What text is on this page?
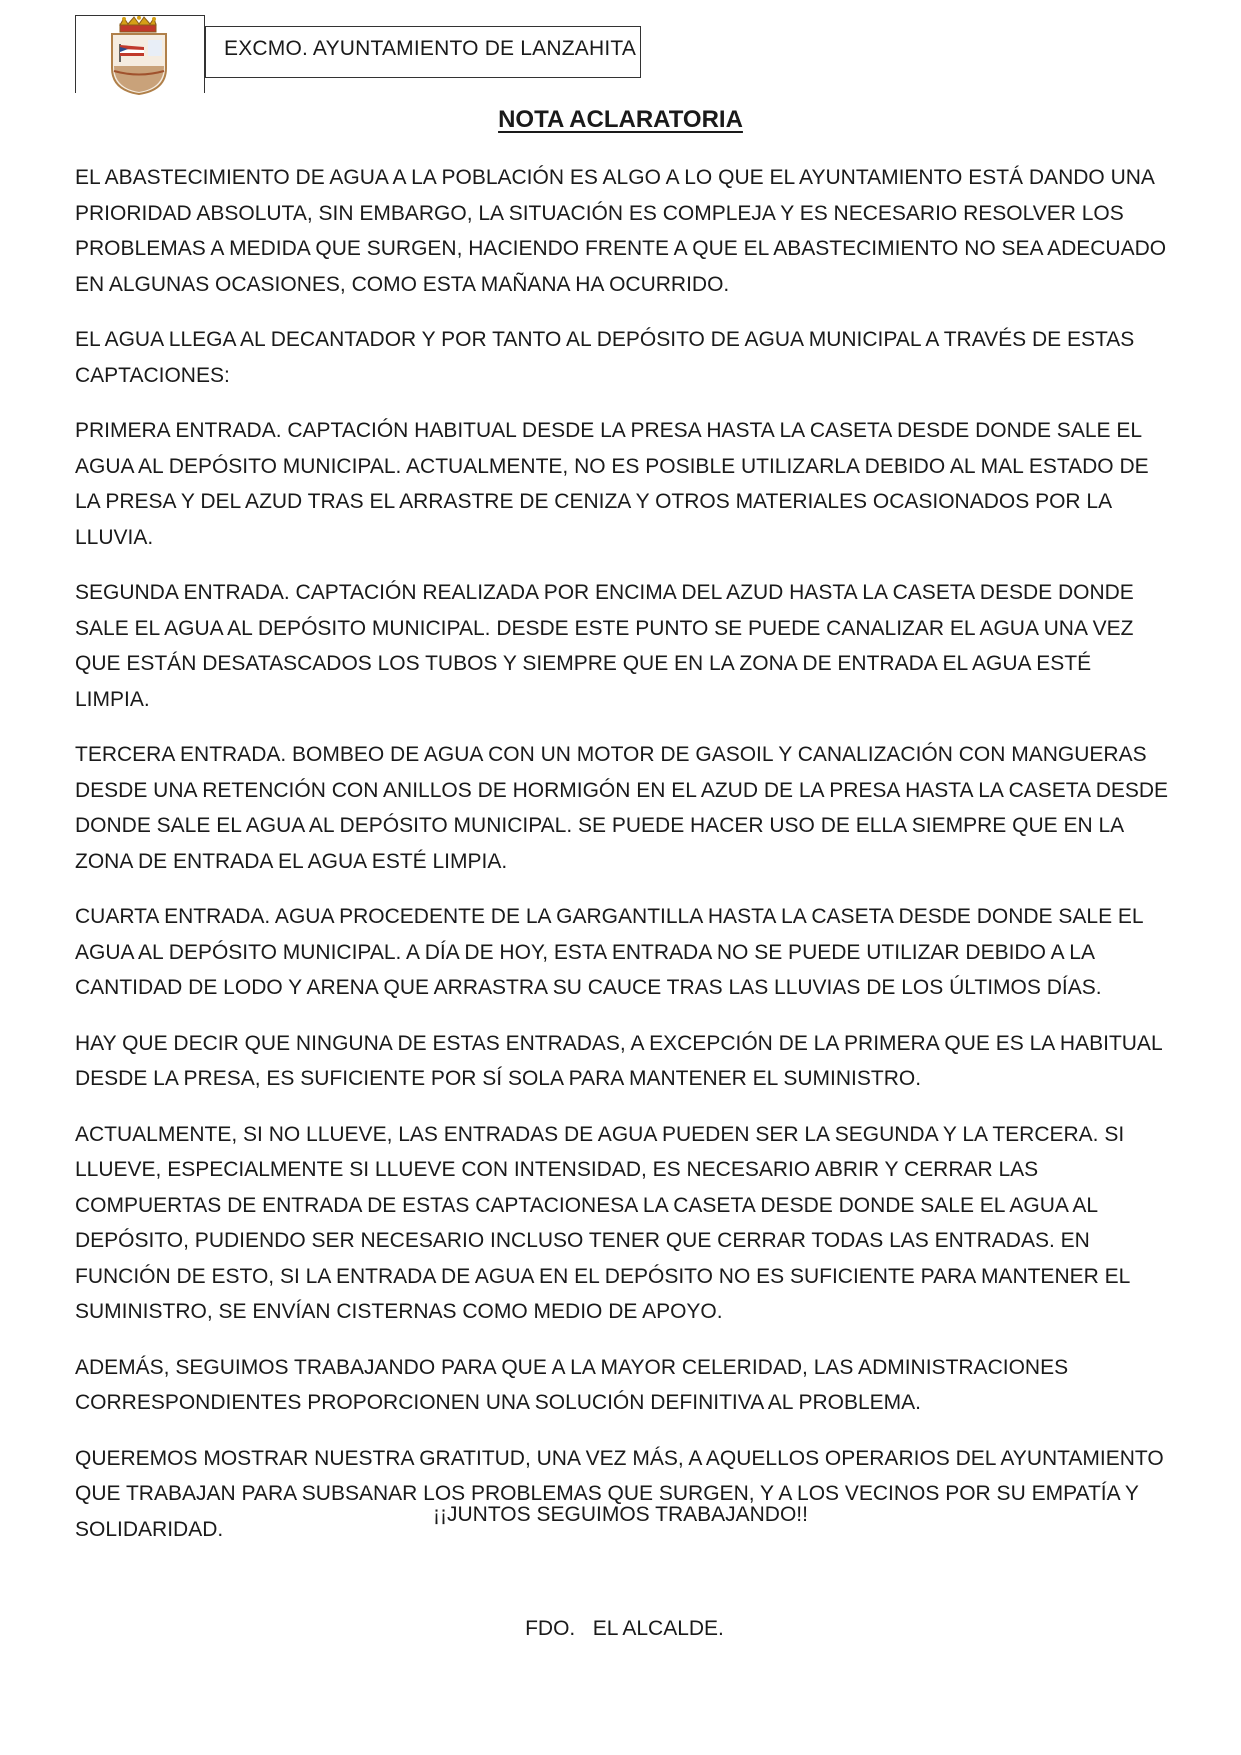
EXCMO. AYUNTAMIENTO DE LANZAHITA
NOTA ACLARATORIA

EL ABASTECIMIENTO DE AGUA A LA POBLACIÓN ES ALGO A LO QUE EL AYUNTAMIENTO ESTÁ DANDO UNA PRIORIDAD ABSOLUTA, SIN EMBARGO, LA SITUACIÓN ES COMPLEJA Y ES NECESARIO RESOLVER LOS PROBLEMAS A MEDIDA QUE SURGEN, HACIENDO FRENTE A QUE EL ABASTECIMIENTO NO SEA ADECUADO EN ALGUNAS OCASIONES, COMO ESTA MAÑANA HA OCURRIDO.

EL AGUA LLEGA AL DECANTADOR Y POR TANTO AL DEPÓSITO DE AGUA MUNICIPAL A TRAVÉS DE ESTAS CAPTACIONES:

PRIMERA ENTRADA. CAPTACIÓN HABITUAL DESDE LA PRESA HASTA LA CASETA DESDE DONDE SALE EL AGUA AL DEPÓSITO MUNICIPAL. ACTUALMENTE, NO ES POSIBLE UTILIZARLA DEBIDO AL MAL ESTADO DE LA PRESA Y DEL AZUD TRAS EL ARRASTRE DE CENIZA Y OTROS MATERIALES OCASIONADOS POR LA LLUVIA.

SEGUNDA ENTRADA. CAPTACIÓN REALIZADA POR ENCIMA DEL AZUD HASTA LA CASETA DESDE DONDE SALE EL AGUA AL DEPÓSITO MUNICIPAL. DESDE ESTE PUNTO SE PUEDE CANALIZAR EL AGUA UNA VEZ QUE ESTÁN DESATASCADOS LOS TUBOS Y SIEMPRE QUE EN LA ZONA DE ENTRADA EL AGUA ESTÉ LIMPIA.

TERCERA ENTRADA. BOMBEO DE AGUA CON UN MOTOR DE GASOIL Y CANALIZACIÓN CON MANGUERAS DESDE UNA RETENCIÓN CON ANILLOS DE HORMIGÓN EN EL AZUD DE LA PRESA HASTA LA CASETA DESDE DONDE SALE EL AGUA AL DEPÓSITO MUNICIPAL. SE PUEDE HACER USO DE ELLA SIEMPRE QUE EN LA ZONA DE ENTRADA EL AGUA ESTÉ LIMPIA.

CUARTA ENTRADA. AGUA PROCEDENTE DE LA GARGANTILLA HASTA LA CASETA DESDE DONDE SALE EL AGUA AL DEPÓSITO MUNICIPAL. A DÍA DE HOY, ESTA ENTRADA NO SE PUEDE UTILIZAR DEBIDO A LA CANTIDAD DE LODO Y ARENA QUE ARRASTRA SU CAUCE TRAS LAS LLUVIAS DE LOS ÚLTIMOS DÍAS.

HAY QUE DECIR QUE NINGUNA DE ESTAS ENTRADAS, A EXCEPCIÓN DE LA PRIMERA QUE ES LA HABITUAL DESDE LA PRESA, ES SUFICIENTE POR SÍ SOLA PARA MANTENER EL SUMINISTRO.

ACTUALMENTE, SI NO LLUEVE, LAS ENTRADAS DE AGUA PUEDEN SER LA SEGUNDA Y LA TERCERA. SI LLUEVE, ESPECIALMENTE SI LLUEVE CON INTENSIDAD, ES NECESARIO ABRIR Y CERRAR LAS COMPUERTAS DE ENTRADA DE ESTAS CAPTACIONESA LA CASETA DESDE DONDE SALE EL AGUA AL DEPÓSITO, PUDIENDO SER NECESARIO INCLUSO TENER QUE CERRAR TODAS LAS ENTRADAS. EN FUNCIÓN DE ESTO, SI LA ENTRADA DE AGUA EN EL DEPÓSITO NO ES SUFICIENTE PARA MANTENER EL SUMINISTRO, SE ENVÍAN CISTERNAS COMO MEDIO DE APOYO.

ADEMÁS, SEGUIMOS TRABAJANDO PARA QUE A LA MAYOR CELERIDAD, LAS ADMINISTRACIONES CORRESPONDIENTES PROPORCIONEN UNA SOLUCIÓN DEFINITIVA AL PROBLEMA.

QUEREMOS MOSTRAR NUESTRA GRATITUD, UNA VEZ MÁS, A AQUELLOS OPERARIOS DEL AYUNTAMIENTO QUE TRABAJAN PARA SUBSANAR LOS PROBLEMAS QUE SURGEN, Y A LOS VECINOS POR SU EMPATÍA Y SOLIDARIDAD.

¡¡JUNTOS SEGUIMOS TRABAJANDO!!
FDO.   EL ALCALDE.
